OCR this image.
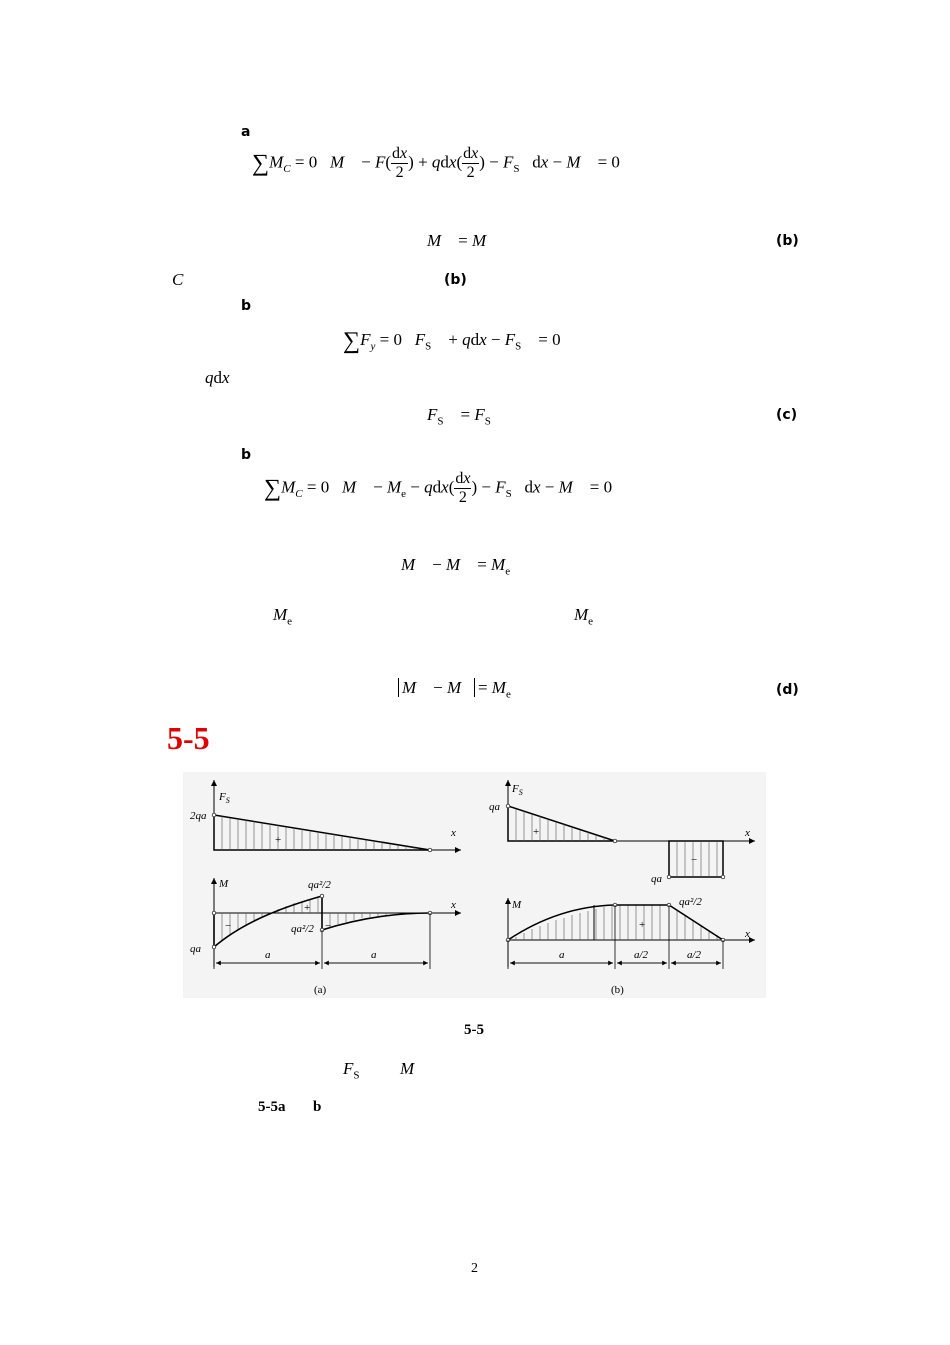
a
$\sum M_C = 0$   M    − $F( \frac{dx}{2}$ ) + $qdx( \frac{dx}{2}$ ) − $F_S$   dx − M    = 0
M    = M	(b)
C	(b)
b
$\sum F_y = 0$   $F_S$    + qdx − $F_S$    = 0
qdx
$F_S$    = $F_S$	(c)
b
$\sum M_C = 0$   M    − $M_e - qdx( \frac{dx}{2}$ ) − $F_S$   dx − M    = 0
M    − M    = $M_e$
$M_e$	$M_e$
M    − $M = M_e$	(d)
5-5
$F_S$
x
2qa
+
M
x
qa
qa²/2
qa²/2
−
+
−
a	a
(a)
$F_S$
x
qa
qa
+
−
M
x
qa²/2
+
a	a/2	a/2
(b)
5-5
$F_S$ M
5-5a b
2
